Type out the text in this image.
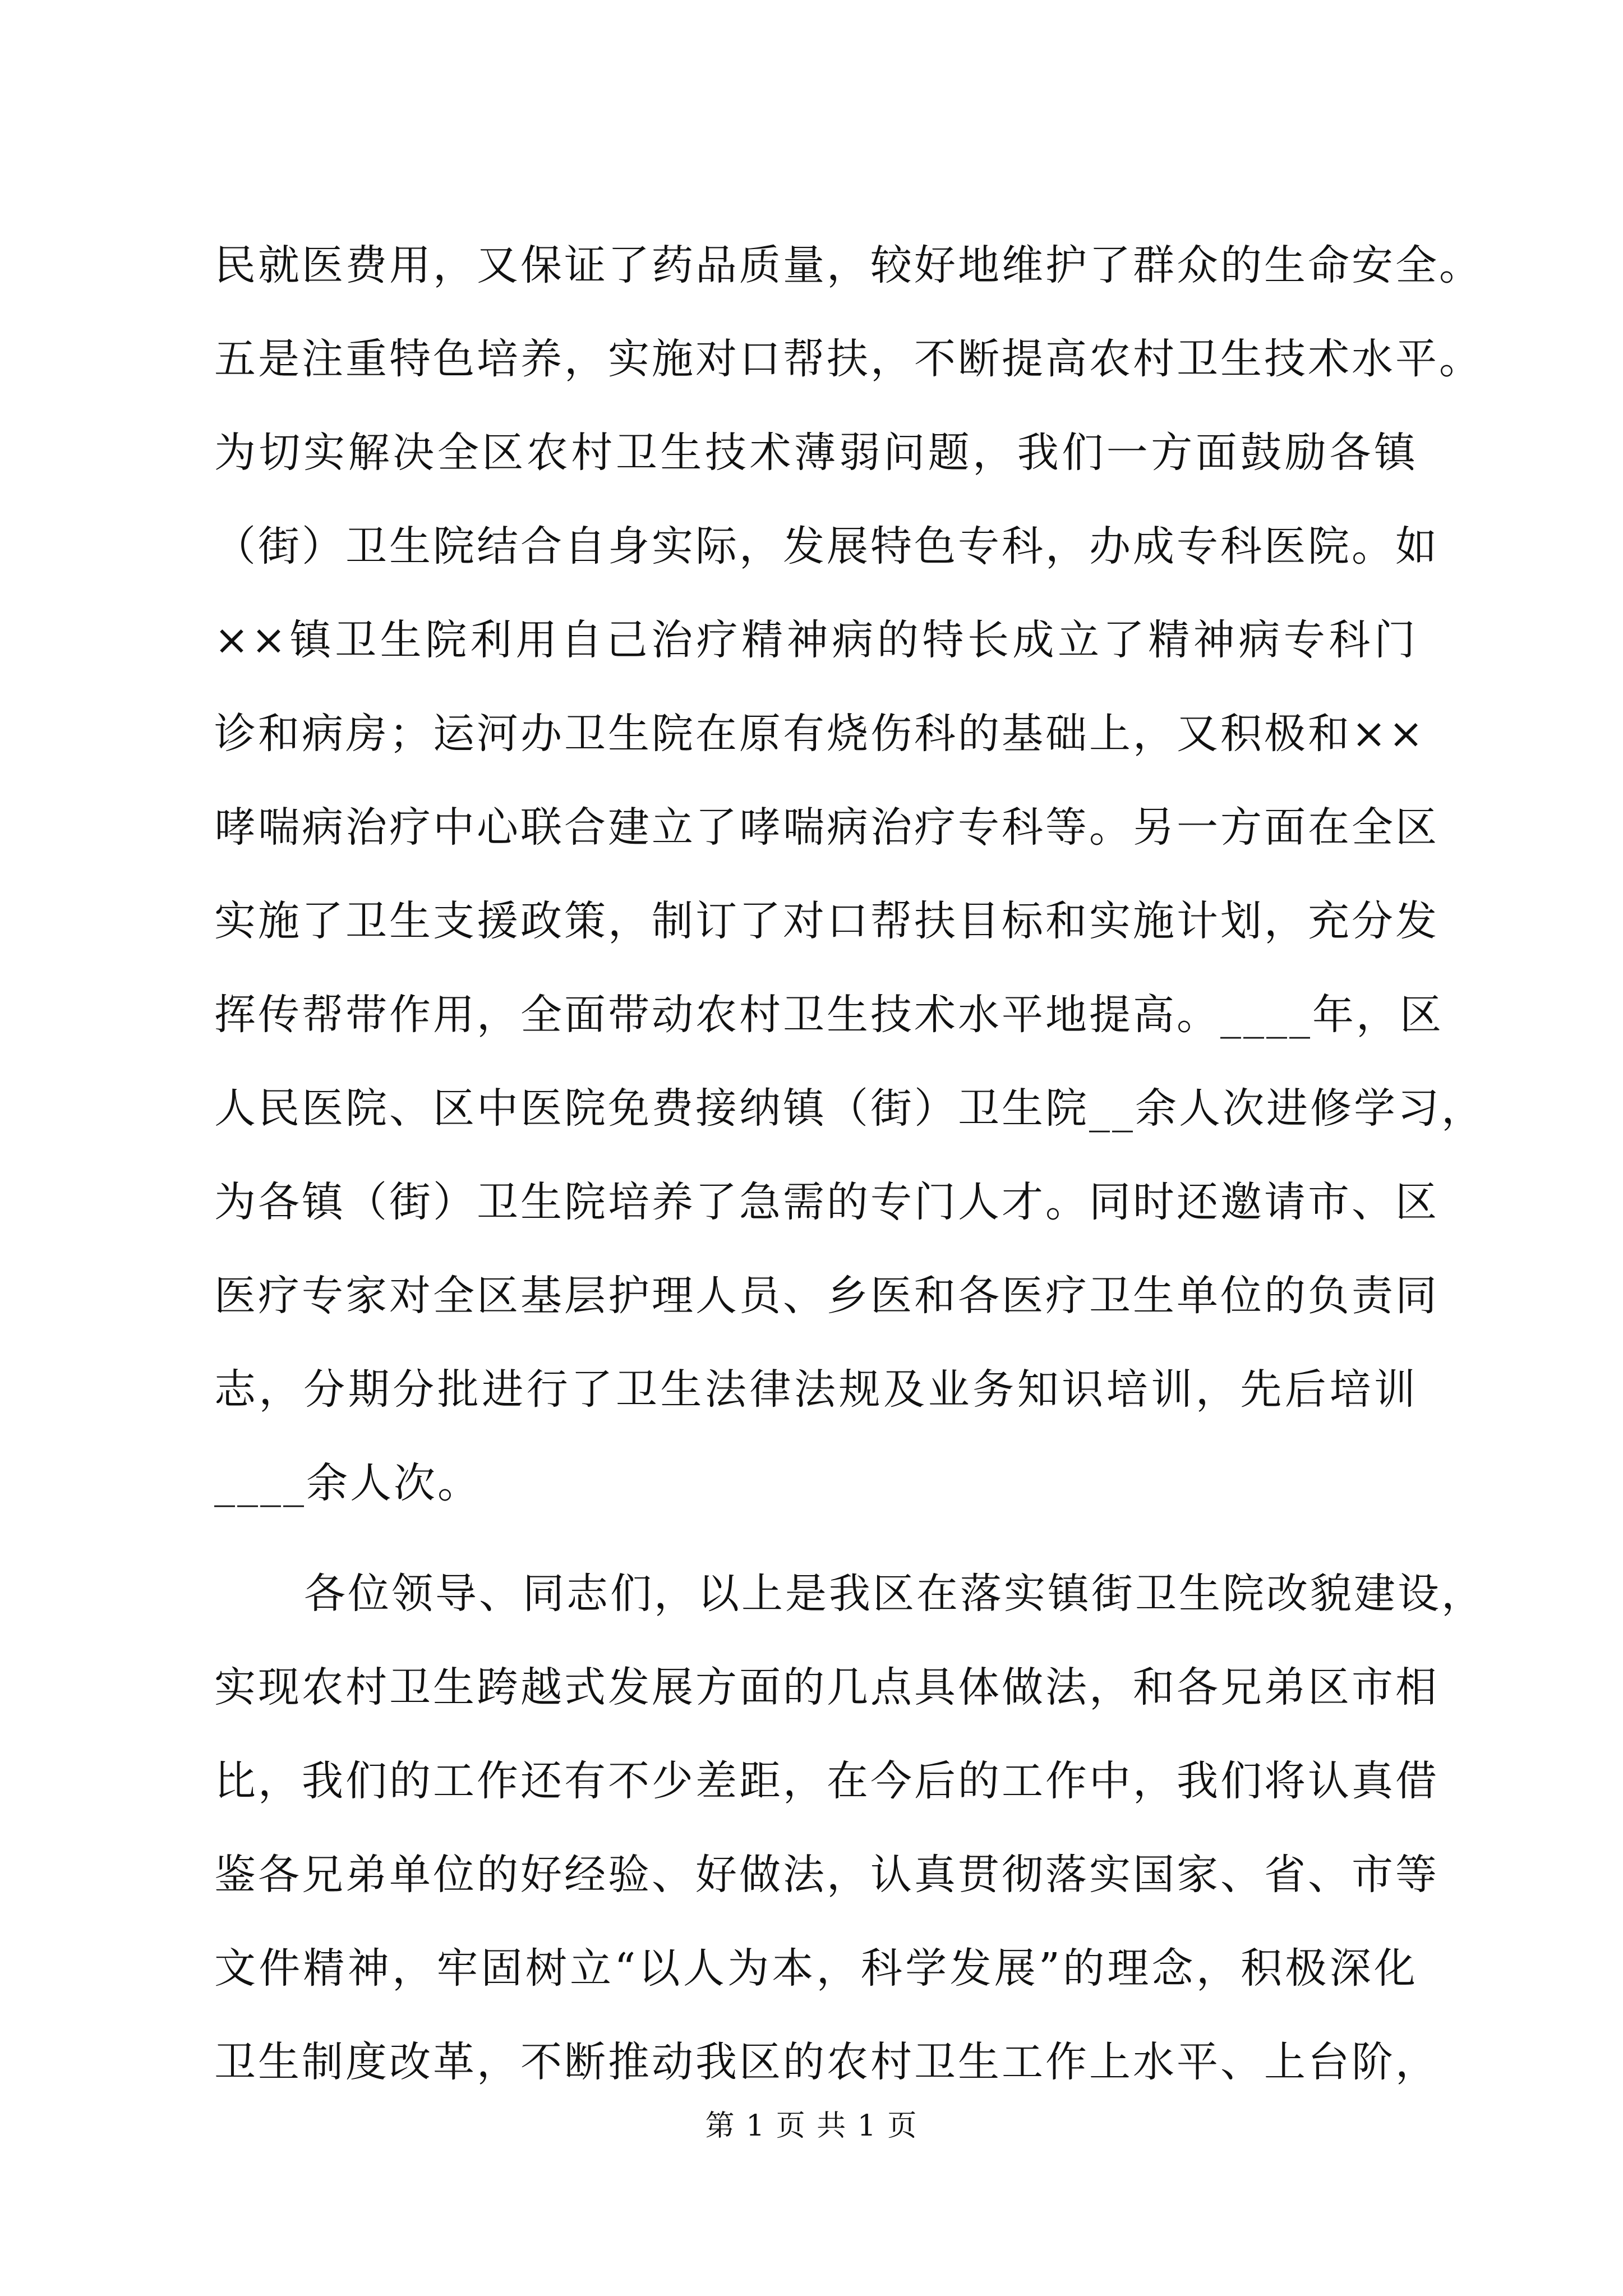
民就医费用，又保证了药品质量，较好地维护了群众的生命安全。
五是注重特色培养，实施对口帮扶，不断提高农村卫生技术水平。
为切实解决全区农村卫生技术薄弱问题，我们一方面鼓励各镇
（街）卫生院结合自身实际，发展特色专科，办成专科医院。如
××镇卫生院利用自己治疗精神病的特长成立了精神病专科门
诊和病房；运河办卫生院在原有烧伤科的基础上，又积极和××
哮喘病治疗中心联合建立了哮喘病治疗专科等。另一方面在全区
实施了卫生支援政策，制订了对口帮扶目标和实施计划，充分发
挥传帮带作用，全面带动农村卫生技术水平地提高。____年，区
人民医院、区中医院免费接纳镇（街）卫生院__余人次进修学习，
为各镇（街）卫生院培养了急需的专门人才。同时还邀请市、区
医疗专家对全区基层护理人员、乡医和各医疗卫生单位的负责同
志，分期分批进行了卫生法律法规及业务知识培训，先后培训
____余人次。
各位领导、同志们，以上是我区在落实镇街卫生院改貌建设，
实现农村卫生跨越式发展方面的几点具体做法，和各兄弟区市相
比，我们的工作还有不少差距，在今后的工作中，我们将认真借
鉴各兄弟单位的好经验、好做法，认真贯彻落实国家、省、市等
文件精神，牢固树立“以人为本，科学发展”的理念，积极深化
卫生制度改革，不断推动我区的农村卫生工作上水平、上台阶，
第 1 页 共 1 页
